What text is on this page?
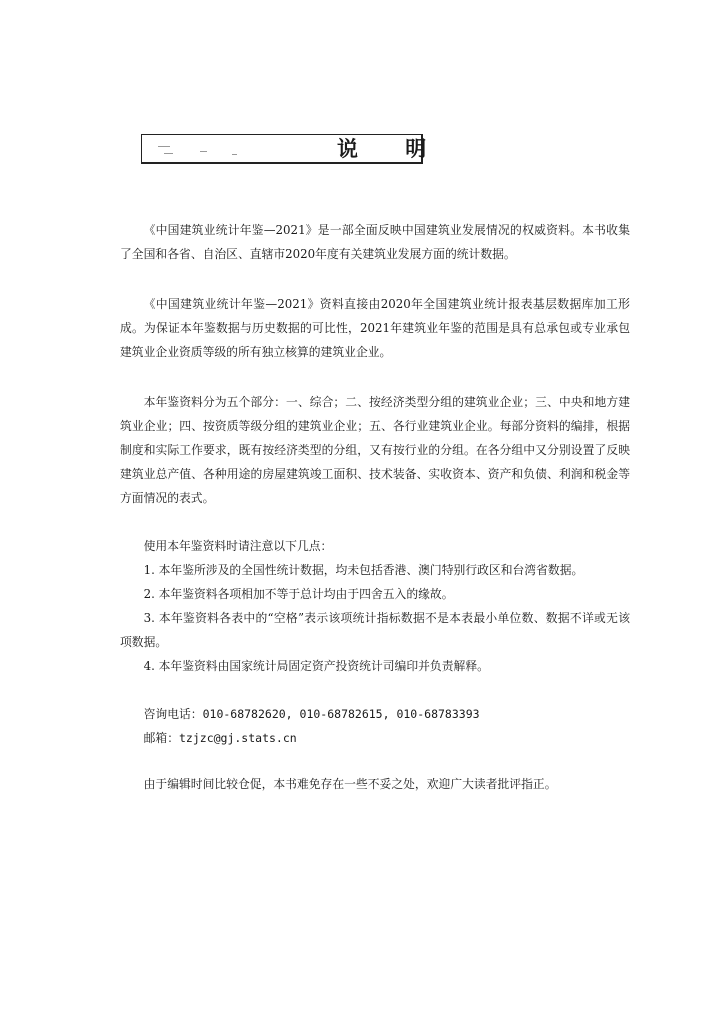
说 明

《中国建筑业统计年鉴—2021》是一部全面反映中国建筑业发展情况的权威资料。本书收集了全国和各省、自治区、直辖市2020年度有关建筑业发展方面的统计数据。

《中国建筑业统计年鉴—2021》资料直接由2020年全国建筑业统计报表基层数据库加工形成。为保证本年鉴数据与历史数据的可比性，2021年建筑业年鉴的范围是具有总承包或专业承包建筑业企业资质等级的所有独立核算的建筑业企业。

本年鉴资料分为五个部分：一、综合；二、按经济类型分组的建筑业企业；三、中央和地方建筑业企业；四、按资质等级分组的建筑业企业；五、各行业建筑业企业。每部分资料的编排，根据制度和实际工作要求，既有按经济类型的分组，又有按行业的分组。在各分组中又分别设置了反映建筑业总产值、各种用途的房屋建筑竣工面积、技术装备、实收资本、资产和负债、利润和税金等方面情况的表式。

使用本年鉴资料时请注意以下几点：

1. 本年鉴所涉及的全国性统计数据，均未包括香港、澳门特别行政区和台湾省数据。

2. 本年鉴资料各项相加不等于总计均由于四舍五入的缘故。

3. 本年鉴资料各表中的“空格”表示该项统计指标数据不是本表最小单位数、数据不详或无该项数据。

4. 本年鉴资料由国家统计局固定资产投资统计司编印并负责解释。

咨询电话：010-68782620, 010-68782615, 010-68783393

邮箱：tzjzc@gj.stats.cn

由于编辑时间比较仓促，本书难免存在一些不妥之处，欢迎广大读者批评指正。
